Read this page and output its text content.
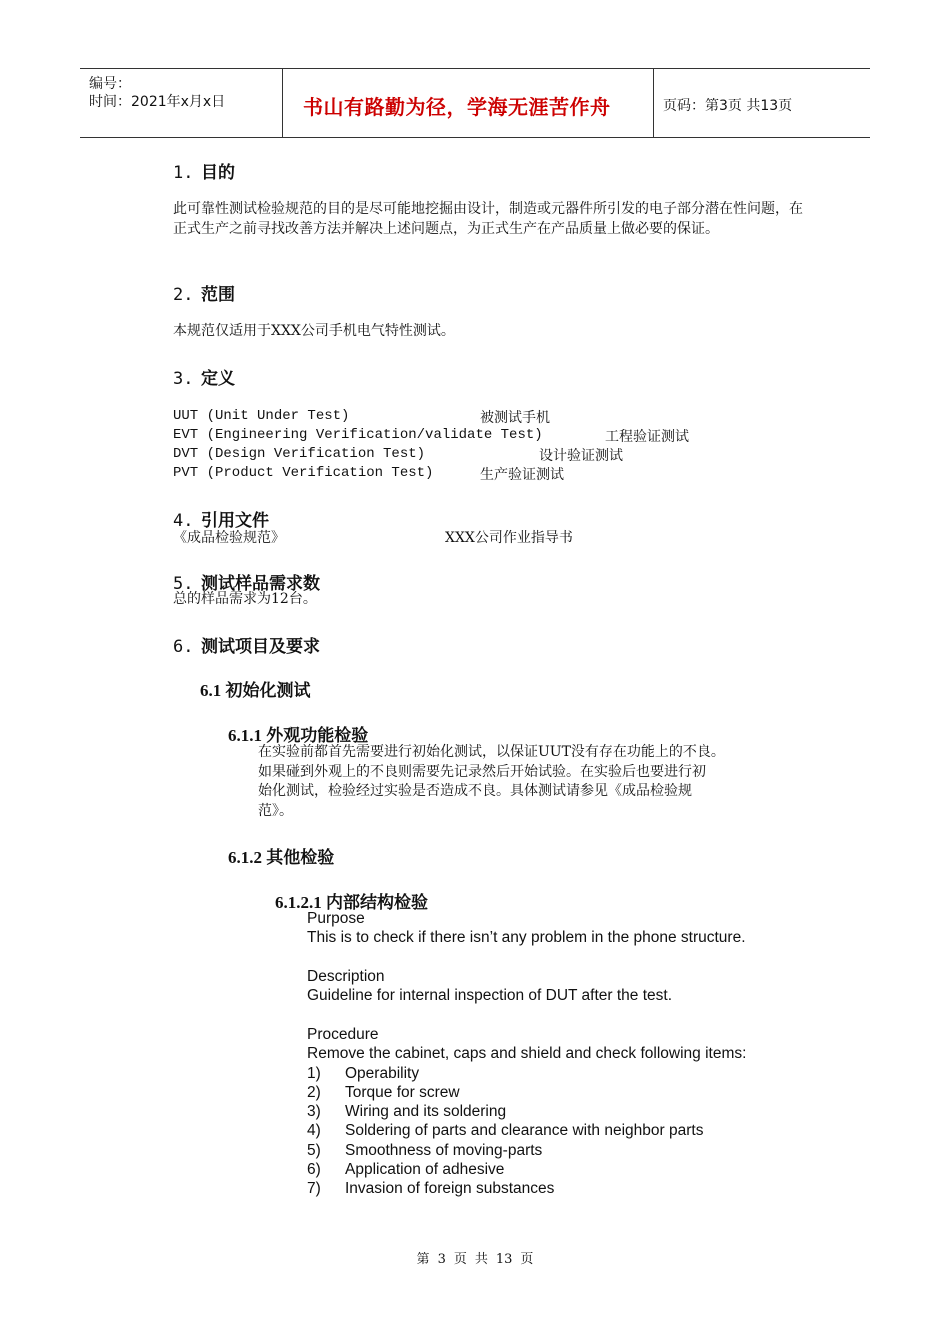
编号：
时间：2021年x月x日	书山有路勤为径，学海无涯苦作舟	页码：第3页 共13页
1. 目的
此可靠性测试检验规范的目的是尽可能地挖掘由设计，制造或元器件所引发的电子部分潜在性问题，在正式生产之前寻找改善方法并解决上述问题点，为正式生产在产品质量上做必要的保证。
2. 范围
本规范仅适用于XXX公司手机电气特性测试。
3. 定义
UUT (Unit Under Test)	被测试手机
EVT (Engineering Verification/validate Test)	工程验证测试
DVT (Design Verification Test)	设计验证测试
PVT (Product Verification Test)	生产验证测试
4. 引用文件
《成品检验规范》	XXX公司作业指导书
5. 测试样品需求数
总的样品需求为12台。
6. 测试项目及要求
6.1 初始化测试
6.1.1 外观功能检验
在实验前都首先需要进行初始化测试，以保证UUT没有存在功能上的不良。
如果碰到外观上的不良则需要先记录然后开始试验。在实验后也要进行初
始化测试，检验经过实验是否造成不良。具体测试请参见《成品检验规
范》。
6.1.2 其他检验
6.1.2.1 内部结构检验
Purpose
This is to check if there isn’t any problem in the phone structure.
Description
Guideline for internal inspection of DUT after the test.
Procedure
Remove the cabinet, caps and shield and check following items:
1) Operability
2) Torque for screw
3) Wiring and its soldering
4) Soldering of parts and clearance with neighbor parts
5) Smoothness of moving-parts
6) Application of adhesive
7) Invasion of foreign substances
第 3 页 共 13 页
